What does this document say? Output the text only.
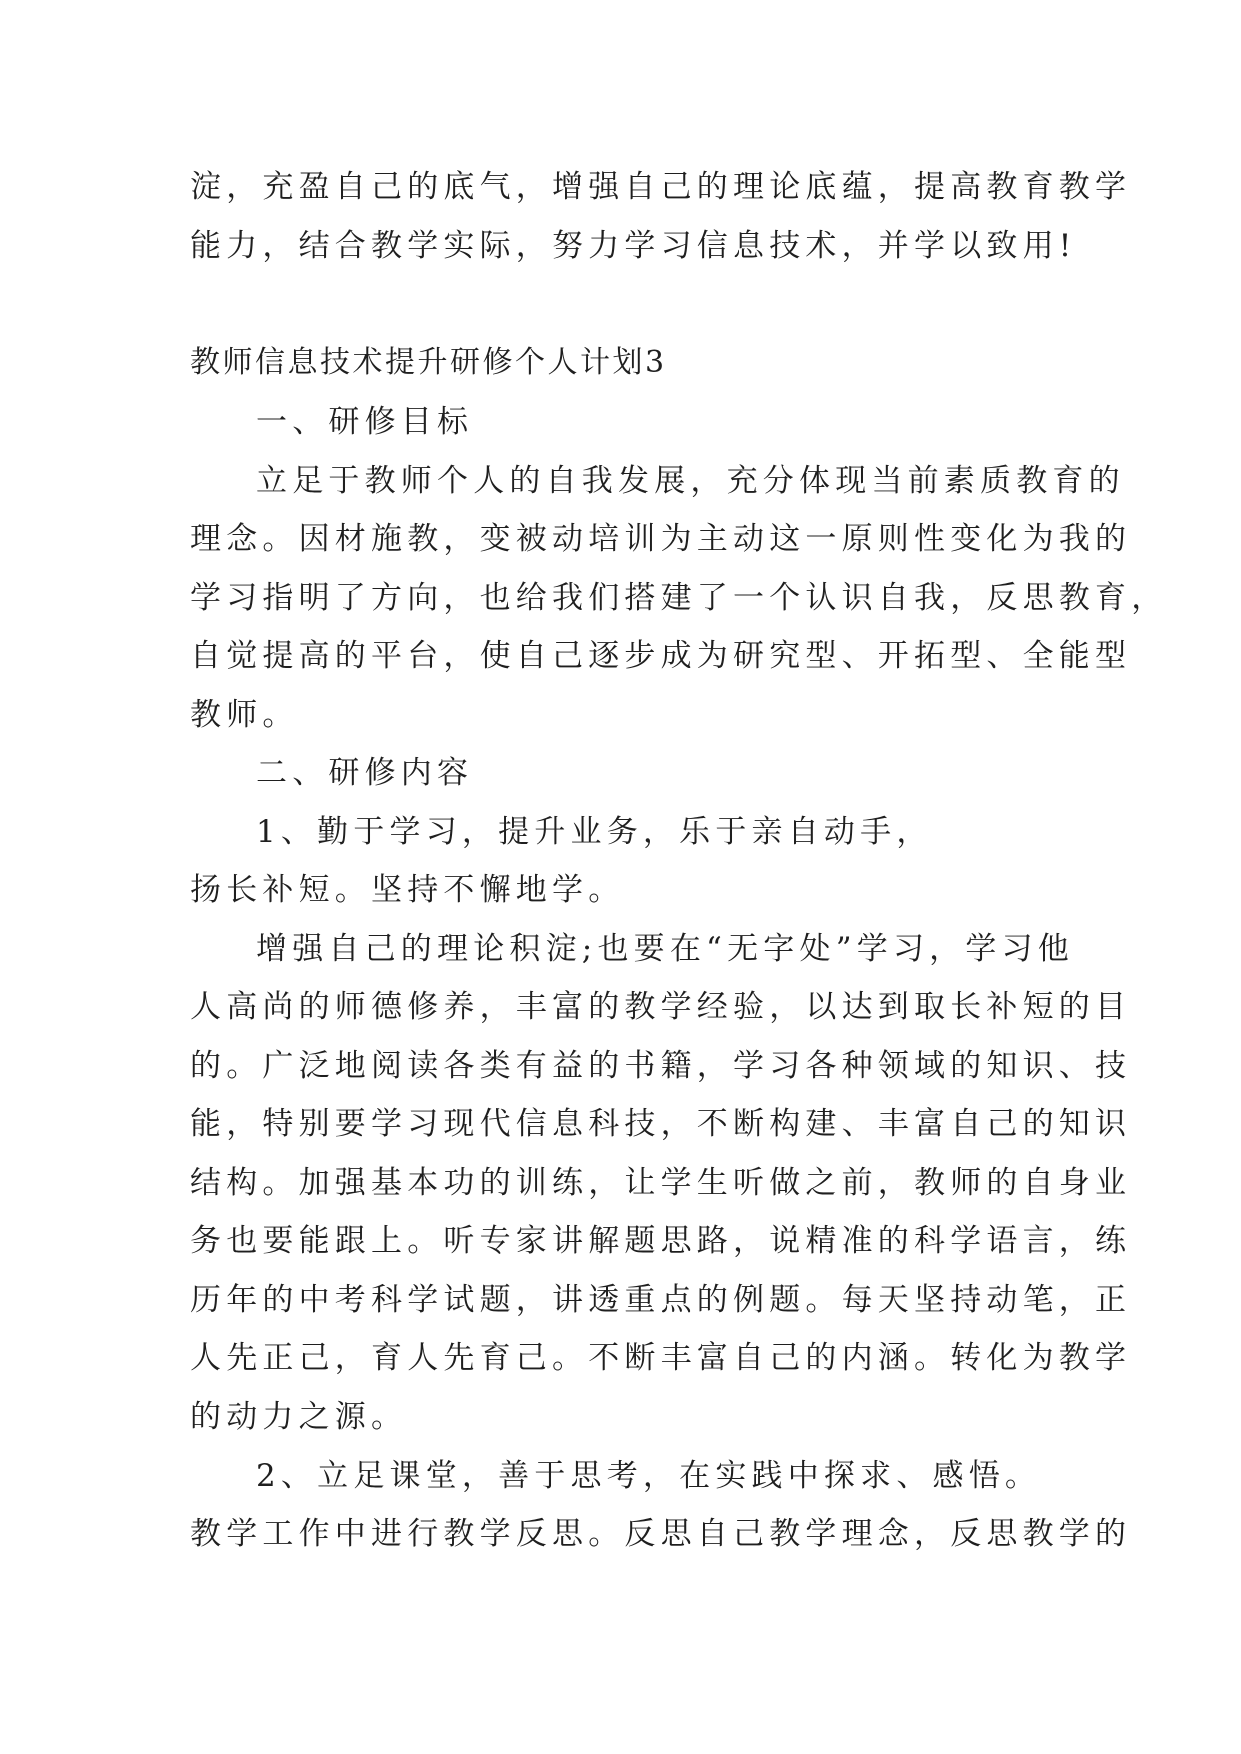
淀，充盈自己的底气，增强自己的理论底蕴，提高教育教学
能力，结合教学实际，努力学习信息技术，并学以致用!
教师信息技术提升研修个人计划3
一、研修目标
立足于教师个人的自我发展，充分体现当前素质教育的
理念。因材施教，变被动培训为主动这一原则性变化为我的
学习指明了方向，也给我们搭建了一个认识自我，反思教育，
自觉提高的平台，使自己逐步成为研究型、开拓型、全能型
教师。
二、研修内容
1、勤于学习，提升业务，乐于亲自动手，
扬长补短。坚持不懈地学。
增强自己的理论积淀;也要在“无字处”学习，学习他
人高尚的师德修养，丰富的教学经验，以达到取长补短的目
的。广泛地阅读各类有益的书籍，学习各种领域的知识、技
能，特别要学习现代信息科技，不断构建、丰富自己的知识
结构。加强基本功的训练，让学生听做之前，教师的自身业
务也要能跟上。听专家讲解题思路，说精准的科学语言，练
历年的中考科学试题，讲透重点的例题。每天坚持动笔，正
人先正己，育人先育己。不断丰富自己的内涵。转化为教学
的动力之源。
2、立足课堂，善于思考，在实践中探求、感悟。
教学工作中进行教学反思。反思自己教学理念，反思教学的
